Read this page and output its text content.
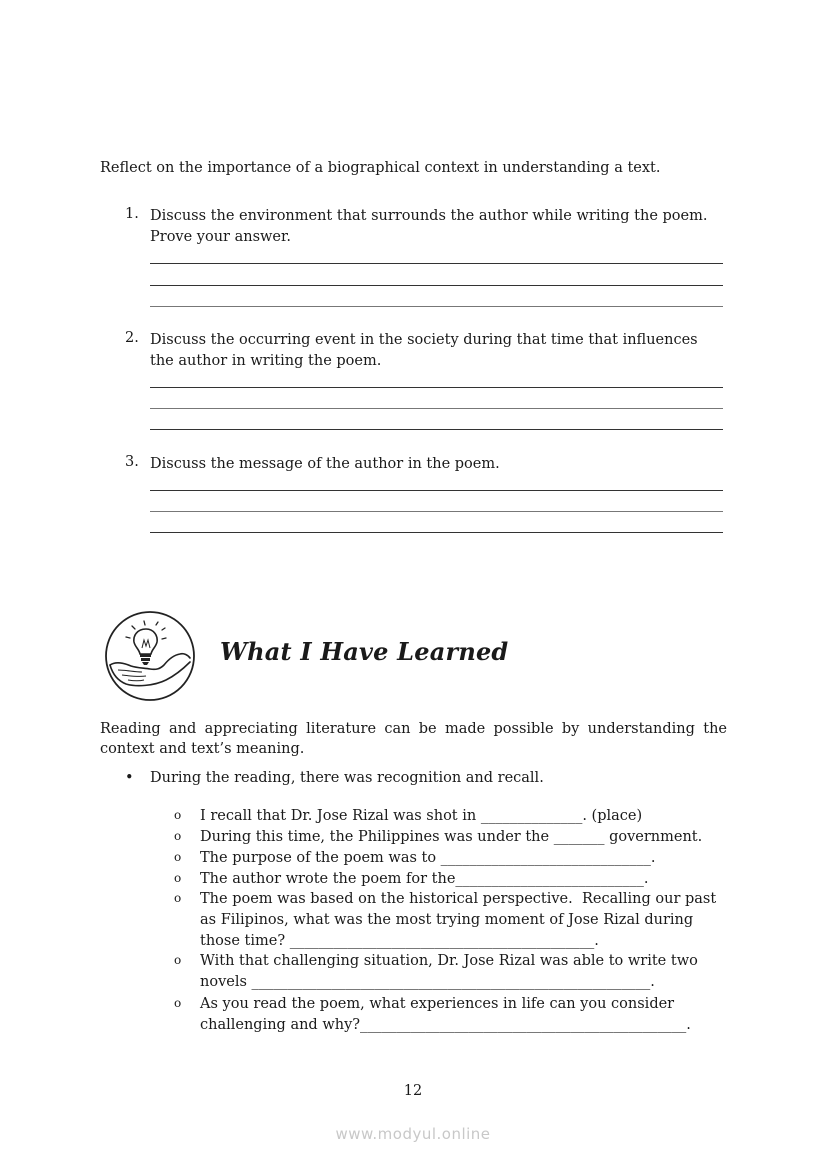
Reflect on the importance of a biographical context in understanding a text.
1. Discuss the environment that surrounds the author while writing the poem. Prove your answer.
2. Discuss the occurring event in the society during that time that influences the author in writing the poem.
3. Discuss the message of the author in the poem.
What I Have Learned
Reading and appreciating literature can be made possible by understanding the context and text’s meaning.
• During the reading, there was recognition and recall.
o I recall that Dr. Jose Rizal was shot in ______________. (place)
o During this time, the Philippines was under the _______ government.
o The purpose of the poem was to _____________________________.
o The author wrote the poem for the__________________________.
o The poem was based on the historical perspective.  Recalling our past as Filipinos, what was the most trying moment of Jose Rizal during those time? __________________________________________.
o With that challenging situation, Dr. Jose Rizal was able to write two novels _______________________________________________________.
o As you read the poem, what experiences in life can you consider challenging and why?_____________________________________________.
12
www.modyul.online
